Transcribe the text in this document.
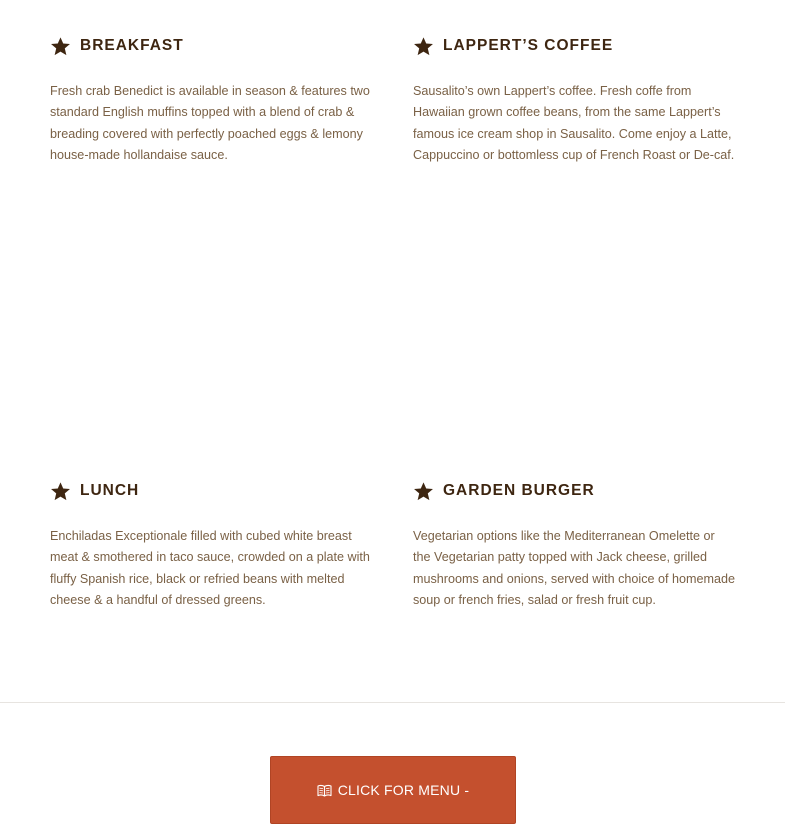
BREAKFAST

Fresh crab Benedict is available in season & features two standard English muffins topped with a blend of crab & breading covered with perfectly poached eggs & lemony house-made hollandaise sauce.

LAPPERT’S COFFEE

Sausalito’s own Lappert’s coffee. Fresh coffe from Hawaiian grown coffee beans, from the same Lappert’s famous ice cream shop in Sausalito. Come enjoy a Latte, Cappuccino or bottomless cup of French Roast or De-caf.

LUNCH

Enchiladas Exceptionale filled with cubed white breast meat & smothered in taco sauce, crowded on a plate with fluffy Spanish rice, black or refried beans with melted cheese & a handful of dressed greens.

GARDEN BURGER

Vegetarian options like the Mediterranean Omelette or the Vegetarian patty topped with Jack cheese, grilled mushrooms and onions, served with choice of homemade soup or french fries, salad or fresh fruit cup.

CLICK FOR MENU -
